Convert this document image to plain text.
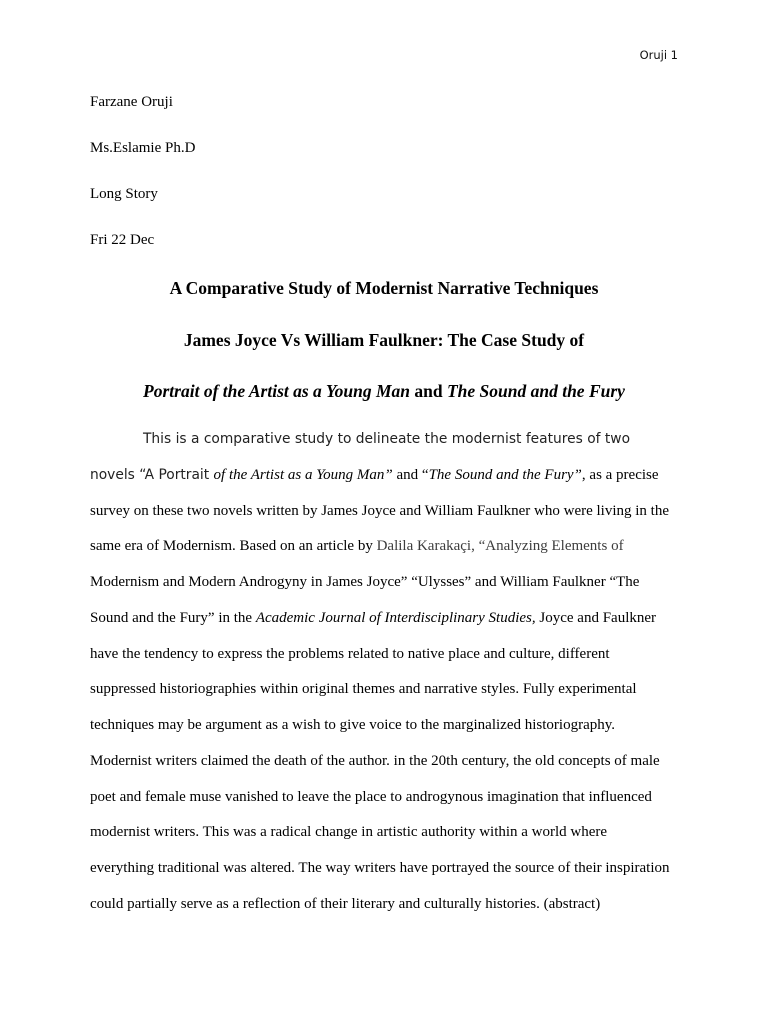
Oruji 1
Farzane Oruji
Ms.Eslamie Ph.D
Long Story
Fri 22 Dec
A Comparative Study of Modernist Narrative Techniques
James Joyce Vs William Faulkner: The Case Study of
Portrait of the Artist as a Young Man and The Sound and the Fury
This is a comparative study to delineate the modernist features of two
novels “A Portrait of the Artist as a Young Man” and “The Sound and the Fury”, as a precise
survey on these two novels written by James Joyce and William Faulkner who were living in the
same era of Modernism. Based on an article by Dalila Karakaçi, “Analyzing Elements of
Modernism and Modern Androgyny in James Joyce” “Ulysses” and William Faulkner “The
Sound and the Fury” in the Academic Journal of Interdisciplinary Studies, Joyce and Faulkner
have the tendency to express the problems related to native place and culture, different
suppressed historiographies within original themes and narrative styles. Fully experimental
techniques may be argument as a wish to give voice to the marginalized historiography.
Modernist writers claimed the death of the author. in the 20th century, the old concepts of male
poet and female muse vanished to leave the place to androgynous imagination that influenced
modernist writers. This was a radical change in artistic authority within a world where
everything traditional was altered. The way writers have portrayed the source of their inspiration
could partially serve as a reflection of their literary and culturally histories. (abstract)
